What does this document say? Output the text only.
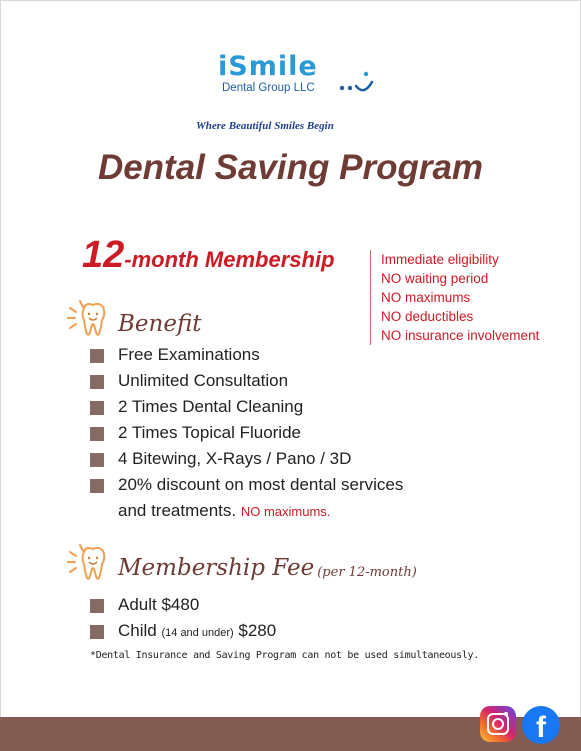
iSmile
Dental Group LLC
Where Beautiful Smiles Begin
Dental Saving Program
12-month Membership	Immediate eligibility
NO waiting period
NO maximums
NO deductibles
NO insurance involvement
Benefit
Free Examinations
Unlimited Consultation
2 Times Dental Cleaning
2 Times Topical Fluoride
4 Bitewing, X-Rays / Pano / 3D
20% discount on most dental services
and treatments. NO maximums.
Membership Fee (per 12-month)
Adult $480
Child (14 and under) $280
*Dental Insurance and Saving Program can not be used simultaneously.
f
